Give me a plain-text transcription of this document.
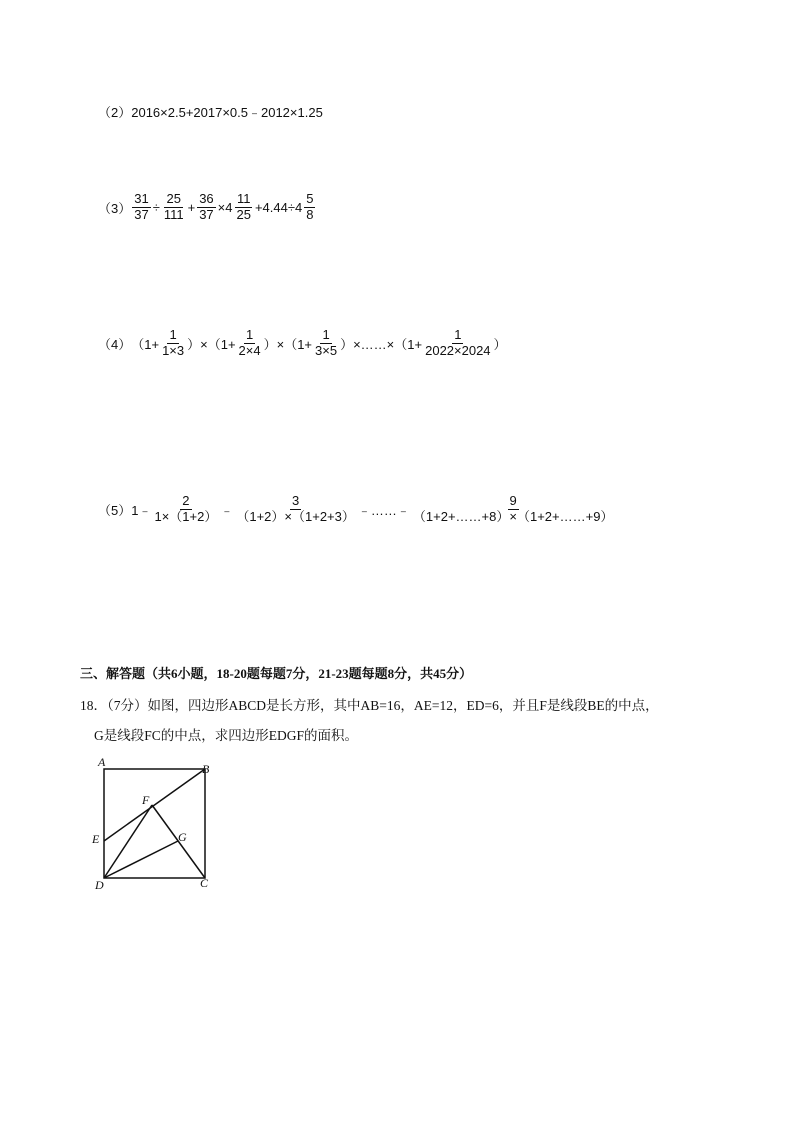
（2） 2016×2.5+2017×0.5﹣2012×1.25
$(3) \frac{31}{37} \div \frac{25}{111} + \frac{36}{37} \times 4 \frac{11}{25} +4.44\div 4 \frac{5}{8}$
（4） （$1+ \frac{1}{1\times 3}$ ）× （$1+ \frac{1}{2\times 4}$ ）× （$1+ \frac{1}{3\times 5}$ ）×……× （$1+ \frac{1}{2022\times 2024}$ ）
（5） 1﹣ $\frac{2}{1\times(1+2)}$ ﹣ $\frac{3}{(1+2)\times(1+2+3)}$ ﹣……﹣ $\frac{9}{(1+2+\dots\dots+8)\times(1+2+\dots\dots+9)}$
三、解答题（共6小题，18-20题每题7分，21-23题每题8分，共45分）
18．（7分）如图，四边形ABCD是长方形，其中AB=16，AE=12，ED=6，并且F是线段BE的中点，
G是线段FC的中点，求四边形EDGF的面积。
A	B
F
G
E
D	C
